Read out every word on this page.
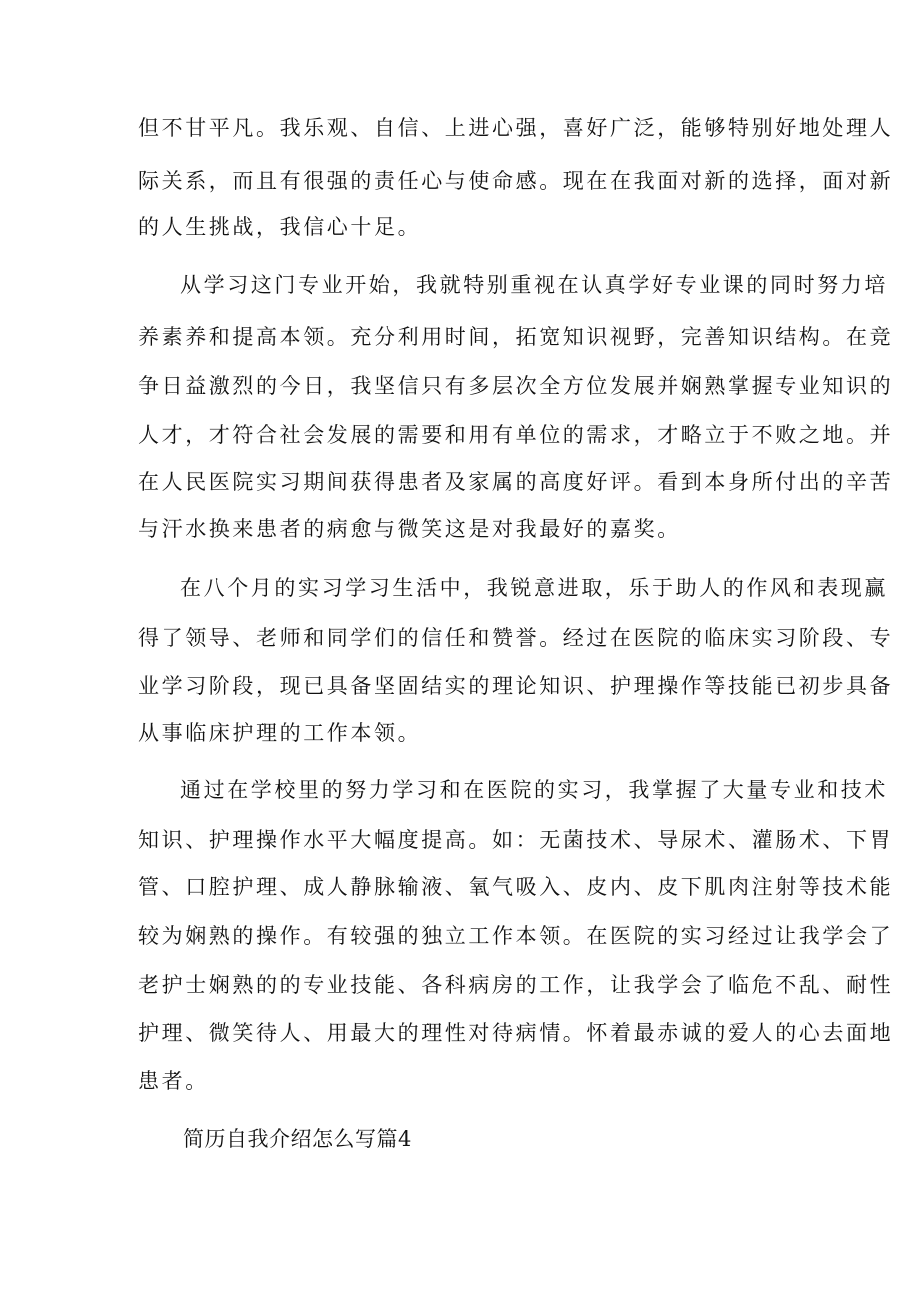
但不甘平凡。我乐观、自信、上进心强，喜好广泛，能够特别好地处理人
际关系，而且有很强的责任心与使命感。现在在我面对新的选择，面对新
的人生挑战，我信心十足。
从学习这门专业开始，我就特别重视在认真学好专业课的同时努力培
养素养和提高本领。充分利用时间，拓宽知识视野，完善知识结构。在竞
争日益激烈的今日，我坚信只有多层次全方位发展并娴熟掌握专业知识的
人才，才符合社会发展的需要和用有单位的需求，才略立于不败之地。并
在人民医院实习期间获得患者及家属的高度好评。看到本身所付出的辛苦
与汗水换来患者的病愈与微笑这是对我最好的嘉奖。
在八个月的实习学习生活中，我锐意进取，乐于助人的作风和表现赢
得了领导、老师和同学们的信任和赞誉。经过在医院的临床实习阶段、专
业学习阶段，现已具备坚固结实的理论知识、护理操作等技能已初步具备
从事临床护理的工作本领。
通过在学校里的努力学习和在医院的实习，我掌握了大量专业和技术
知识、护理操作水平大幅度提高。如：无菌技术、导尿术、灌肠术、下胃
管、口腔护理、成人静脉输液、氧气吸入、皮内、皮下肌肉注射等技术能
较为娴熟的操作。有较强的独立工作本领。在医院的实习经过让我学会了
老护士娴熟的的专业技能、各科病房的工作，让我学会了临危不乱、耐性
护理、微笑待人、用最大的理性对待病情。怀着最赤诚的爱人的心去面地
患者。
简历自我介绍怎么写篇4
